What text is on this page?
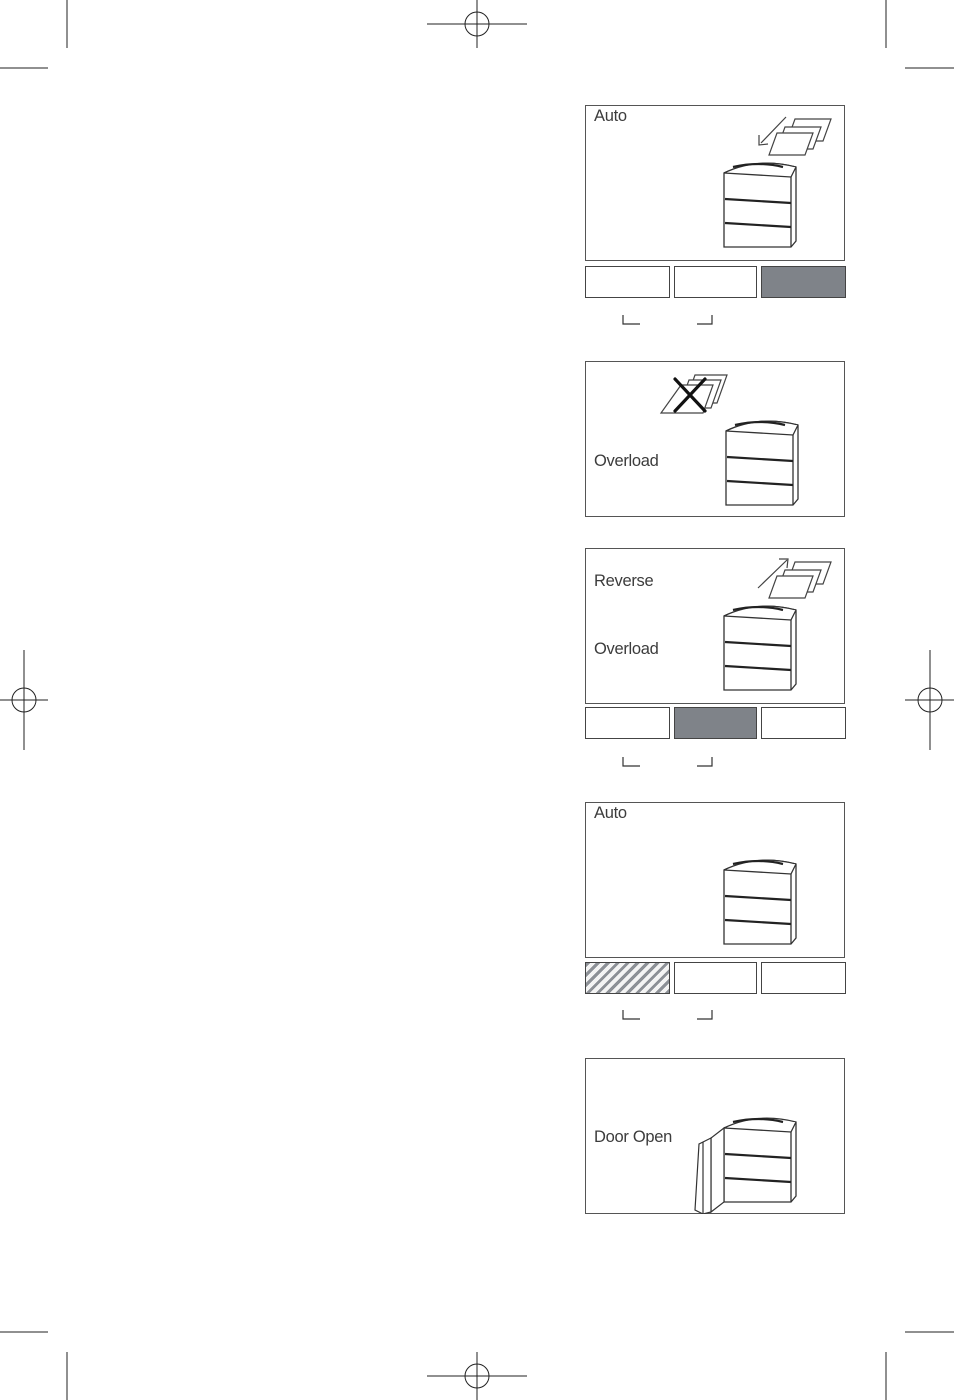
Auto
Overload
Reverse
Overload
Auto
Door Open
